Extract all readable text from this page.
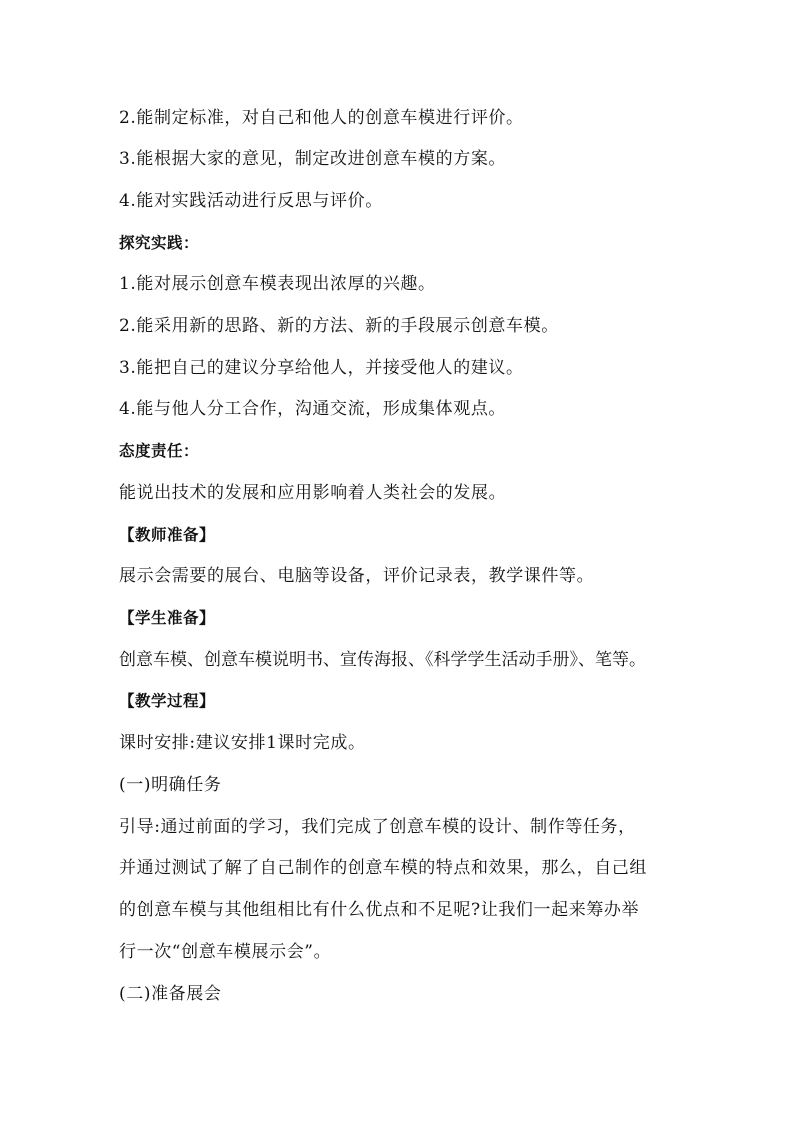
2.能制定标准，对自己和他人的创意车模进行评价。
3.能根据大家的意见，制定改进创意车模的方案。
4.能对实践活动进行反思与评价。
探究实践：
1.能对展示创意车模表现出浓厚的兴趣。
2.能采用新的思路、新的方法、新的手段展示创意车模。
3.能把自己的建议分享给他人，并接受他人的建议。
4.能与他人分工合作，沟通交流，形成集体观点。
态度责任：
能说出技术的发展和应用影响着人类社会的发展。
【教师准备】
展示会需要的展台、电脑等设备，评价记录表，教学课件等。
【学生准备】
创意车模、创意车模说明书、宣传海报、《科学学生活动手册》、笔等。
【教学过程】
课时安排:建议安排1课时完成。
(一)明确任务
引导:通过前面的学习，我们完成了创意车模的设计、制作等任务，
并通过测试了解了自己制作的创意车模的特点和效果，那么，自己组
的创意车模与其他组相比有什么优点和不足呢?让我们一起来筹办举
行一次“创意车模展示会”。
(二)准备展会
